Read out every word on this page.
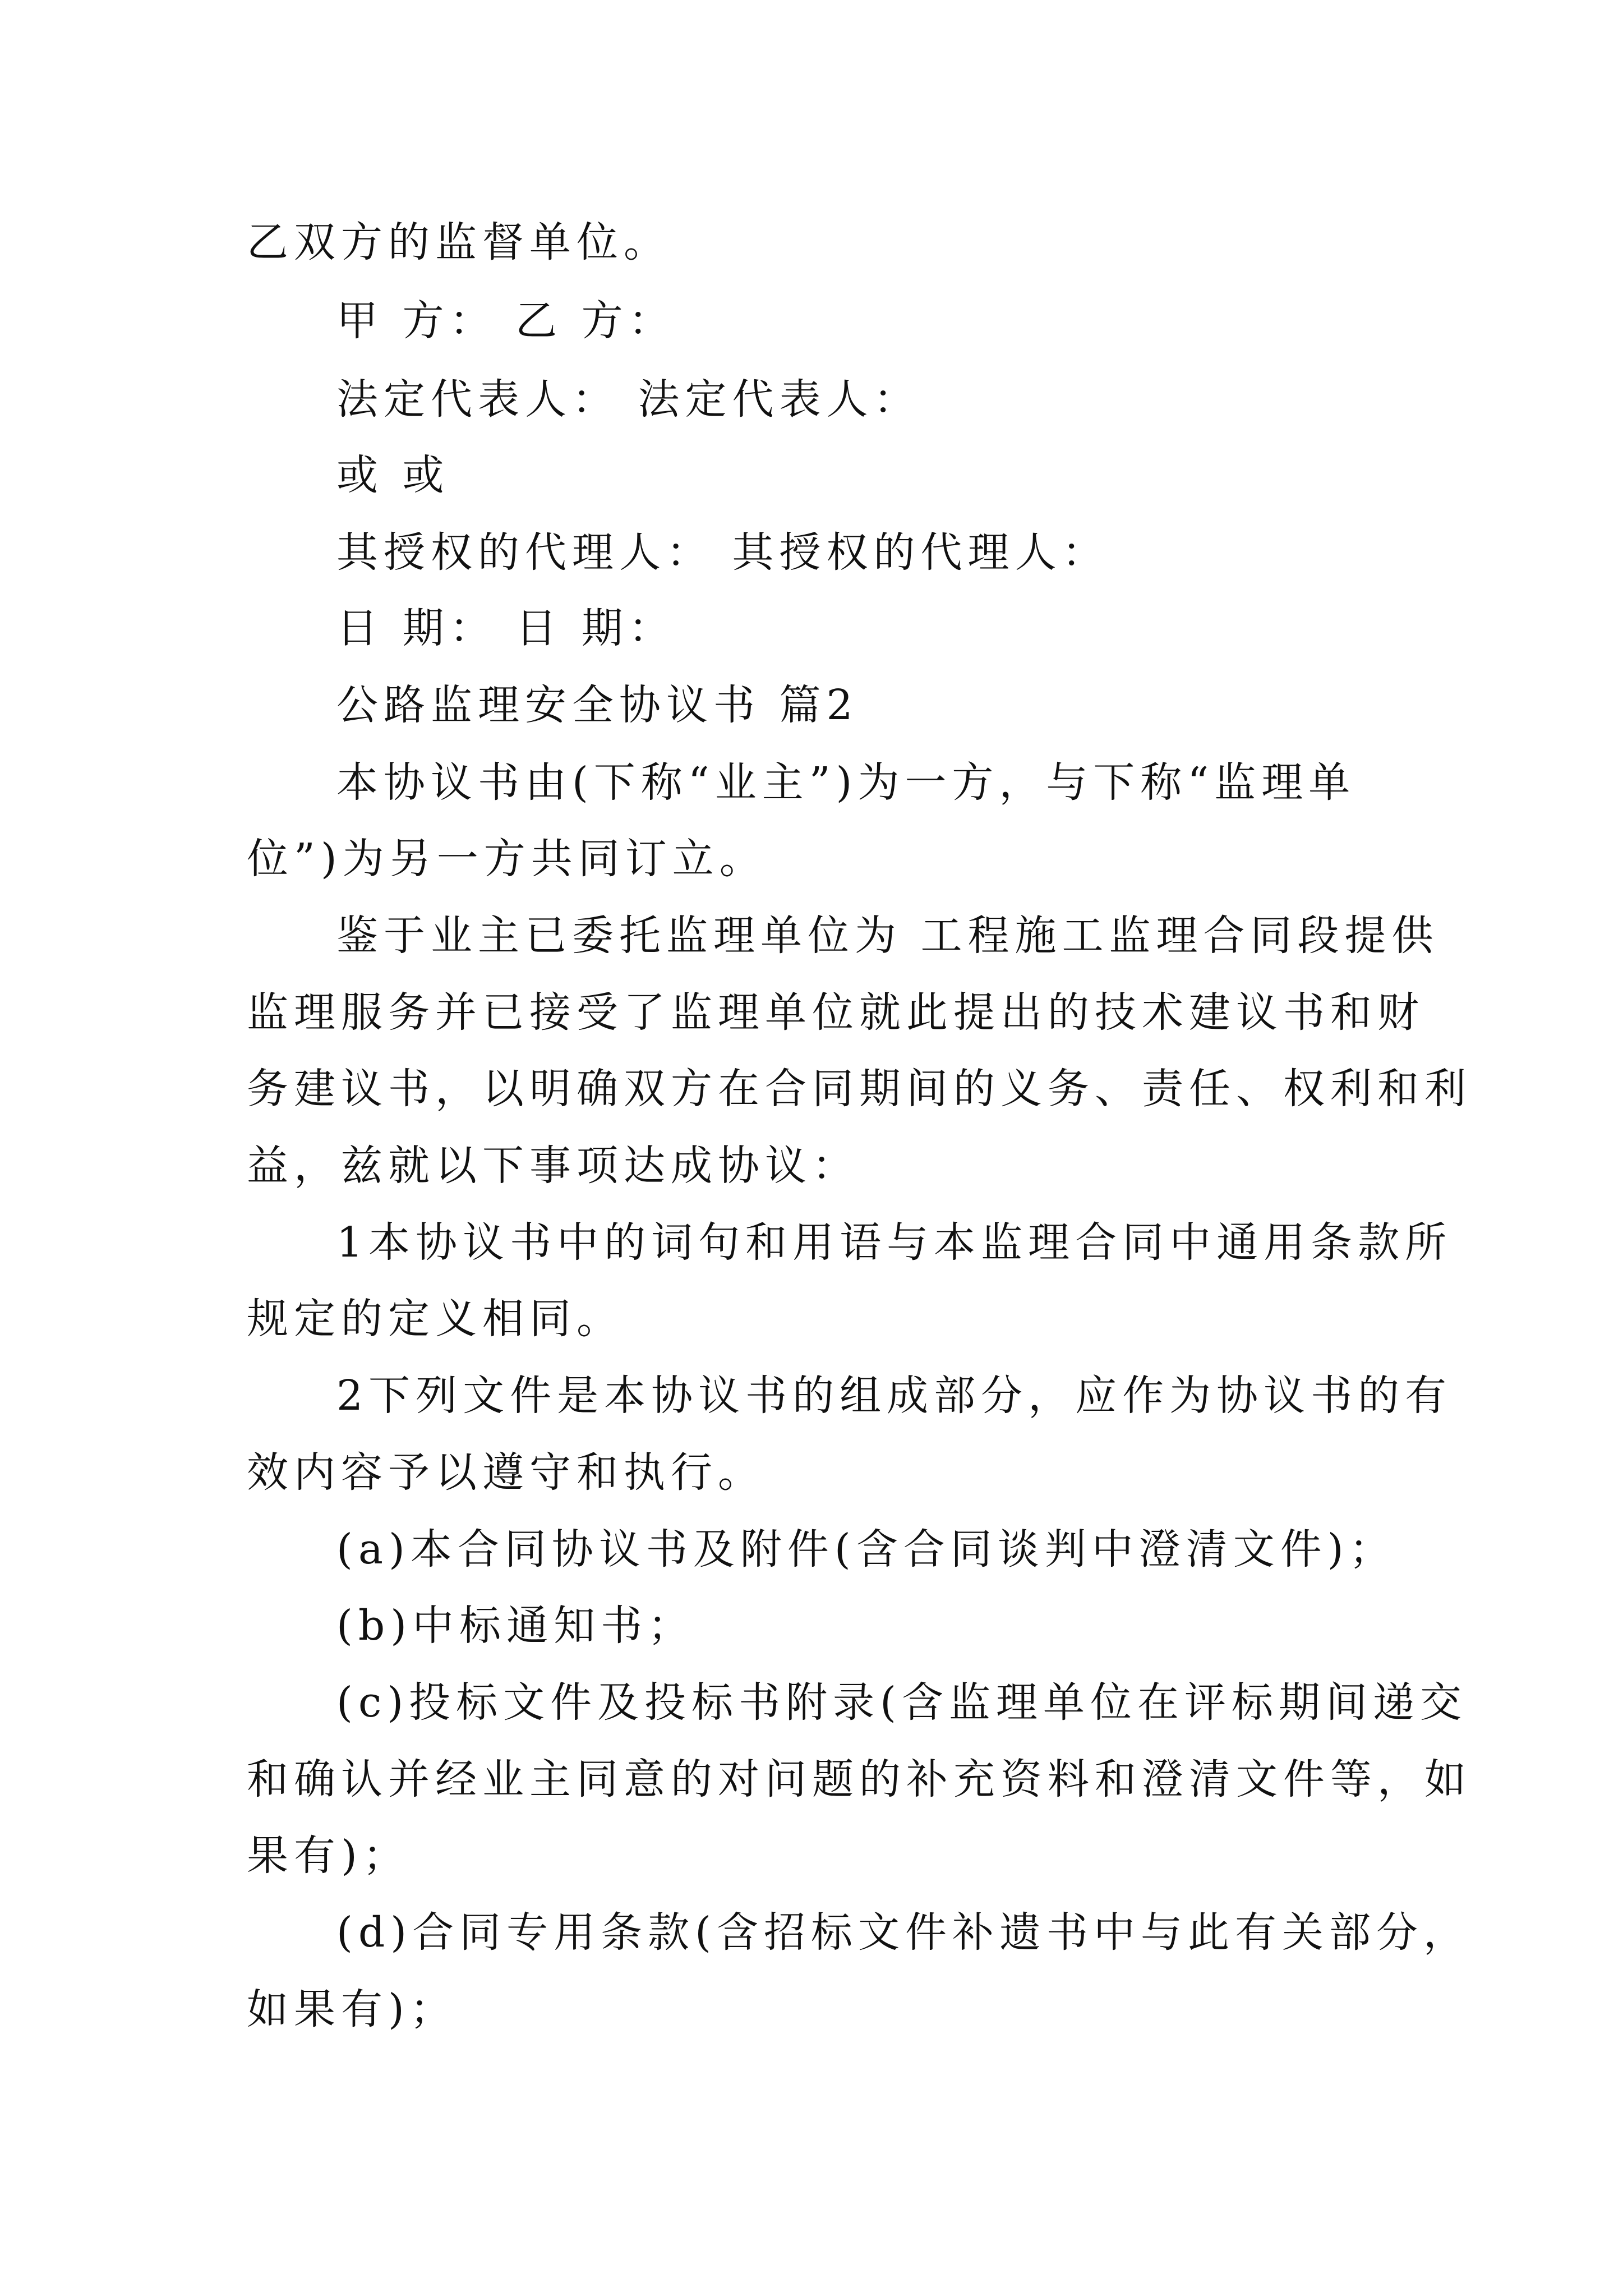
乙双方的监督单位。

甲 方： 乙 方：

法定代表人： 法定代表人：

或 或

其授权的代理人： 其授权的代理人：

日 期： 日 期：

公路监理安全协议书 篇2

本协议书由(下称“业主”)为一方，与下称“监理单

位”)为另一方共同订立。

鉴于业主已委托监理单位为 工程施工监理合同段提供

监理服务并已接受了监理单位就此提出的技术建议书和财

务建议书，以明确双方在合同期间的义务、责任、权利和利

益，兹就以下事项达成协议：

1本协议书中的词句和用语与本监理合同中通用条款所

规定的定义相同。

2下列文件是本协议书的组成部分，应作为协议书的有

效内容予以遵守和执行。

(a)本合同协议书及附件(含合同谈判中澄清文件)；

(b)中标通知书；

(c)投标文件及投标书附录(含监理单位在评标期间递交

和确认并经业主同意的对问题的补充资料和澄清文件等，如

果有)；

(d)合同专用条款(含招标文件补遗书中与此有关部分，

如果有)；
